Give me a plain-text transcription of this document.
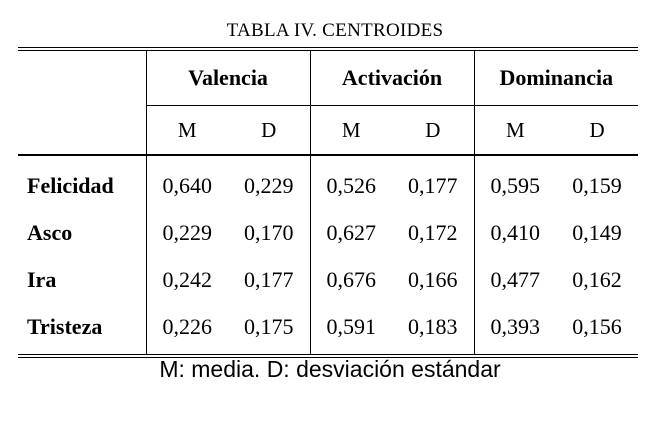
TABLA IV. CENTROIDES
	Valencia		Activación		Dominancia	
	M	D	M	D	M	D
Felicidad	0,640	0,229	0,526	0,177	0,595	0,159
Asco	0,229	0,170	0,627	0,172	0,410	0,149
Ira	0,242	0,177	0,676	0,166	0,477	0,162
Tristeza	0,226	0,175	0,591	0,183	0,393	0,156
M: media. D: desviación estándar
